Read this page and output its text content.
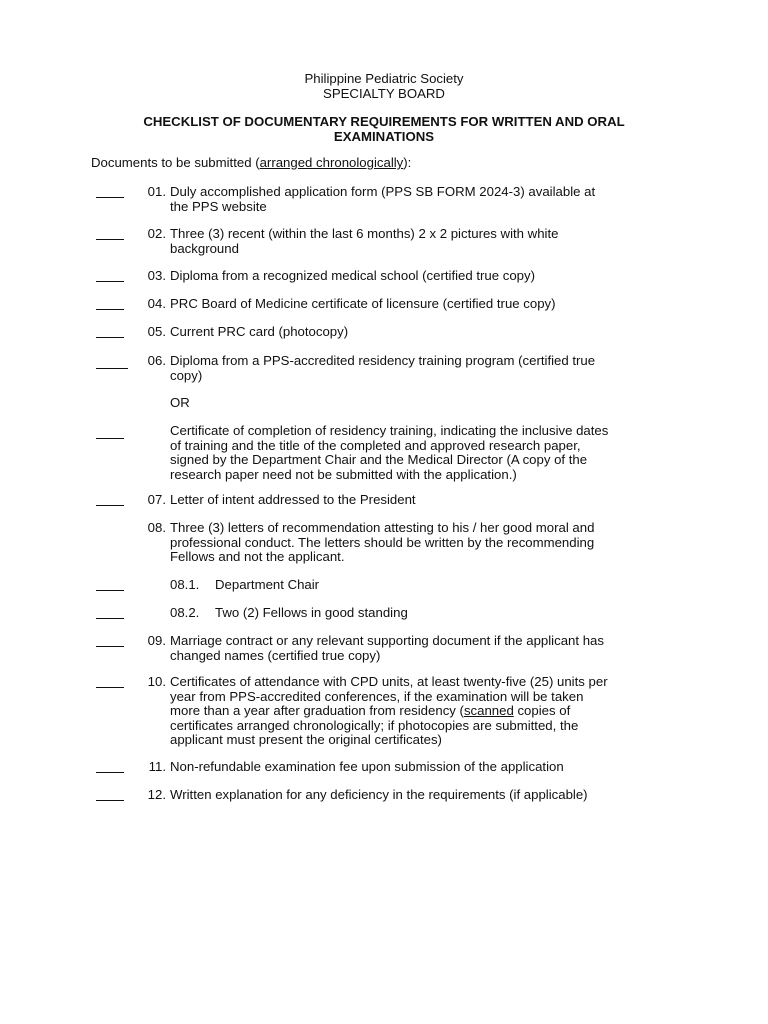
Philippine Pediatric Society
SPECIALTY BOARD
CHECKLIST OF DOCUMENTARY REQUIREMENTS FOR WRITTEN AND ORAL
EXAMINATIONS
Documents to be submitted (arranged chronologically):
01. Duly accomplished application form (PPS SB FORM 2024-3) available at
the PPS website
02. Three (3) recent (within the last 6 months) 2 x 2 pictures with white
background
03. Diploma from a recognized medical school (certified true copy)
04. PRC Board of Medicine certificate of licensure (certified true copy)
05. Current PRC card (photocopy)
06. Diploma from a PPS-accredited residency training program (certified true
copy)
OR
Certificate of completion of residency training, indicating the inclusive dates
of training and the title of the completed and approved research paper,
signed by the Department Chair and the Medical Director (A copy of the
research paper need not be submitted with the application.)
07. Letter of intent addressed to the President
08. Three (3) letters of recommendation attesting to his / her good moral and
professional conduct. The letters should be written by the recommending
Fellows and not the applicant.
08.1. Department Chair
08.2. Two (2) Fellows in good standing
09. Marriage contract or any relevant supporting document if the applicant has
changed names (certified true copy)
10. Certificates of attendance with CPD units, at least twenty-five (25) units per
year from PPS-accredited conferences, if the examination will be taken
more than a year after graduation from residency (scanned copies of
certificates arranged chronologically; if photocopies are submitted, the
applicant must present the original certificates)
11. Non-refundable examination fee upon submission of the application
12. Written explanation for any deficiency in the requirements (if applicable)
